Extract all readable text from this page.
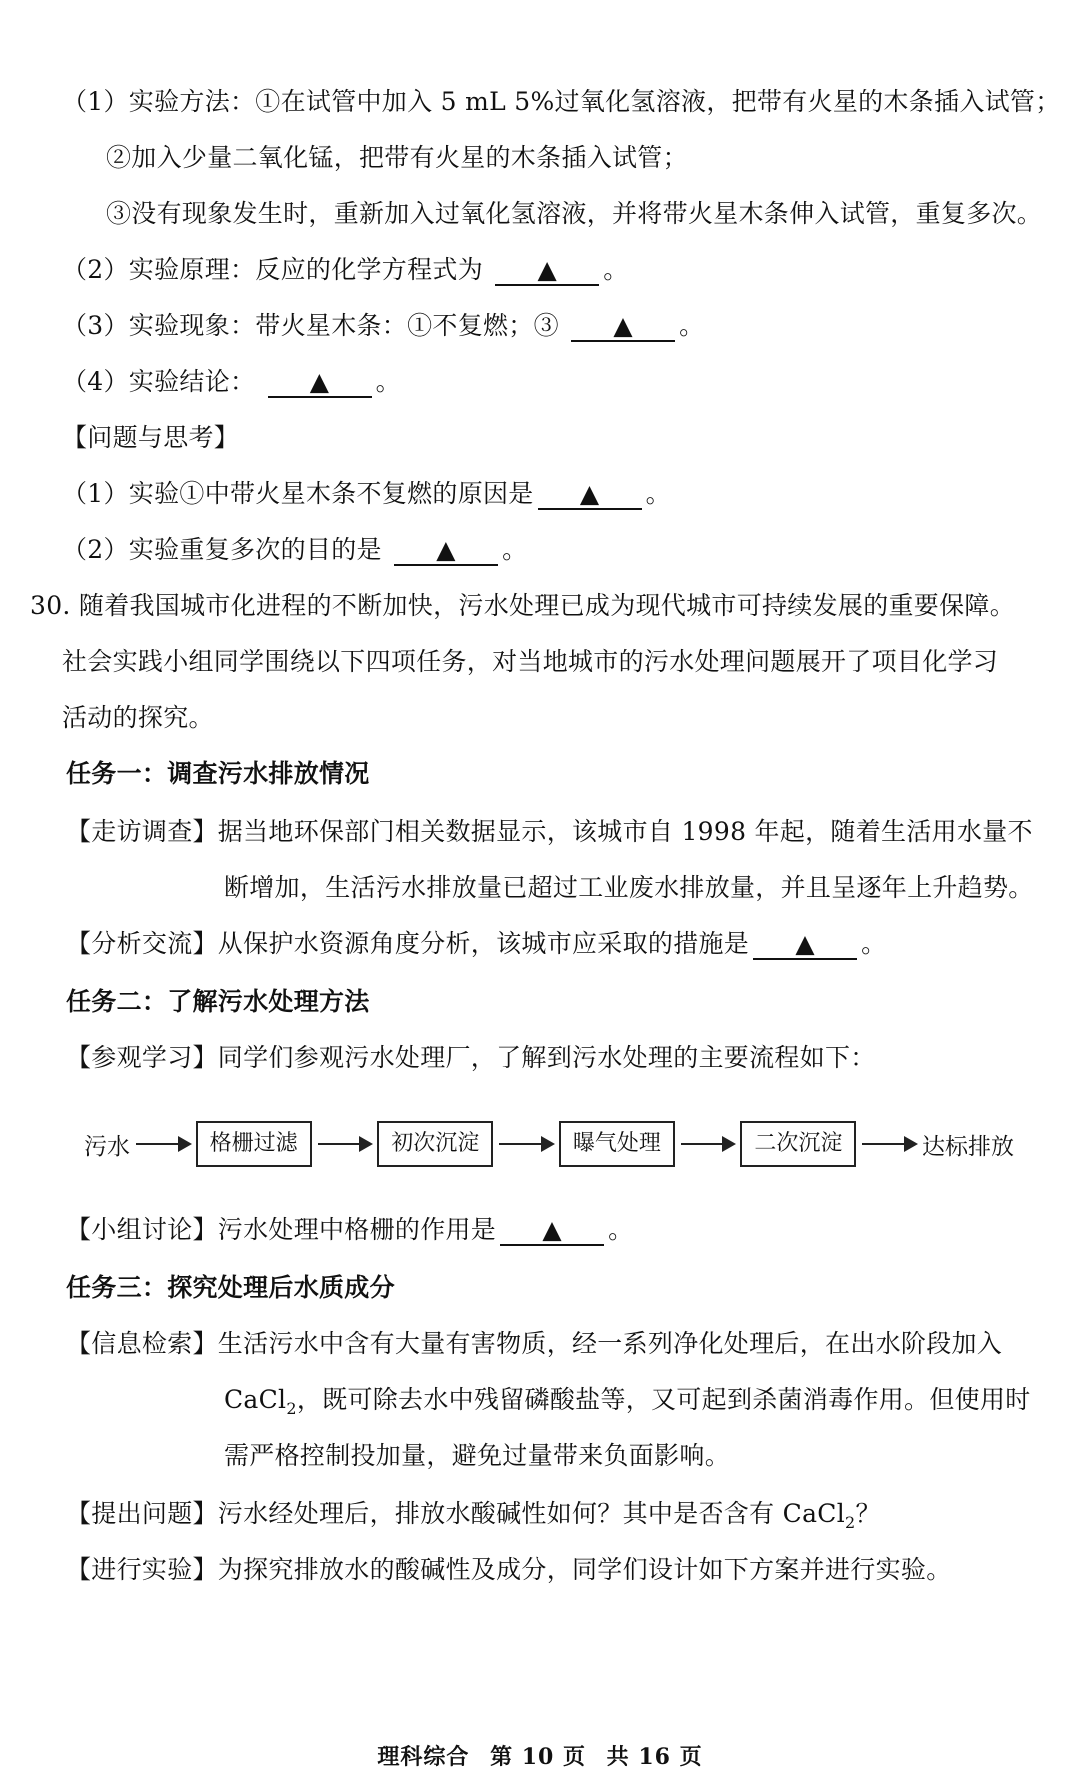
（1）实验方法：①在试管中加入 5 mL 5%过氧化氢溶液，把带有火星的木条插入试管；
②加入少量二氧化锰，把带有火星的木条插入试管；
③没有现象发生时，重新加入过氧化氢溶液，并将带火星木条伸入试管，重复多次。
（2）实验原理：反应的化学方程式为 ▲ 。
（3）实验现象：带火星木条：①不复燃；③ ▲ 。
（4）实验结论： ▲ 。
【问题与思考】
（1）实验①中带火星木条不复燃的原因是 ▲ 。
（2）实验重复多次的目的是 ▲ 。
30. 随着我国城市化进程的不断加快，污水处理已成为现代城市可持续发展的重要保障。
社会实践小组同学围绕以下四项任务，对当地城市的污水处理问题展开了项目化学习
活动的探究。
任务一：调查污水排放情况
【走访调查】据当地环保部门相关数据显示，该城市自 1998 年起，随着生活用水量不
断增加，生活污水排放量已超过工业废水排放量，并且呈逐年上升趋势。
【分析交流】从保护水资源角度分析，该城市应采取的措施是 ▲ 。
任务二：了解污水处理方法
【参观学习】同学们参观污水处理厂，了解到污水处理的主要流程如下：
【小组讨论】污水处理中格栅的作用是 ▲ 。
任务三：探究处理后水质成分
【信息检索】生活污水中含有大量有害物质，经一系列净化处理后，在出水阶段加入
CaCl$_2$，既可除去水中残留磷酸盐等，又可起到杀菌消毒作用。但使用时
需严格控制投加量，避免过量带来负面影响。
【提出问题】污水经处理后，排放水酸碱性如何？其中是否含有 CaCl$_2$？
【进行实验】为探究排放水的酸碱性及成分，同学们设计如下方案并进行实验。
污水	格栅过滤	初次沉淀	曝气处理	二次沉淀	达标排放
理科综合 第 10 页 共 16 页
